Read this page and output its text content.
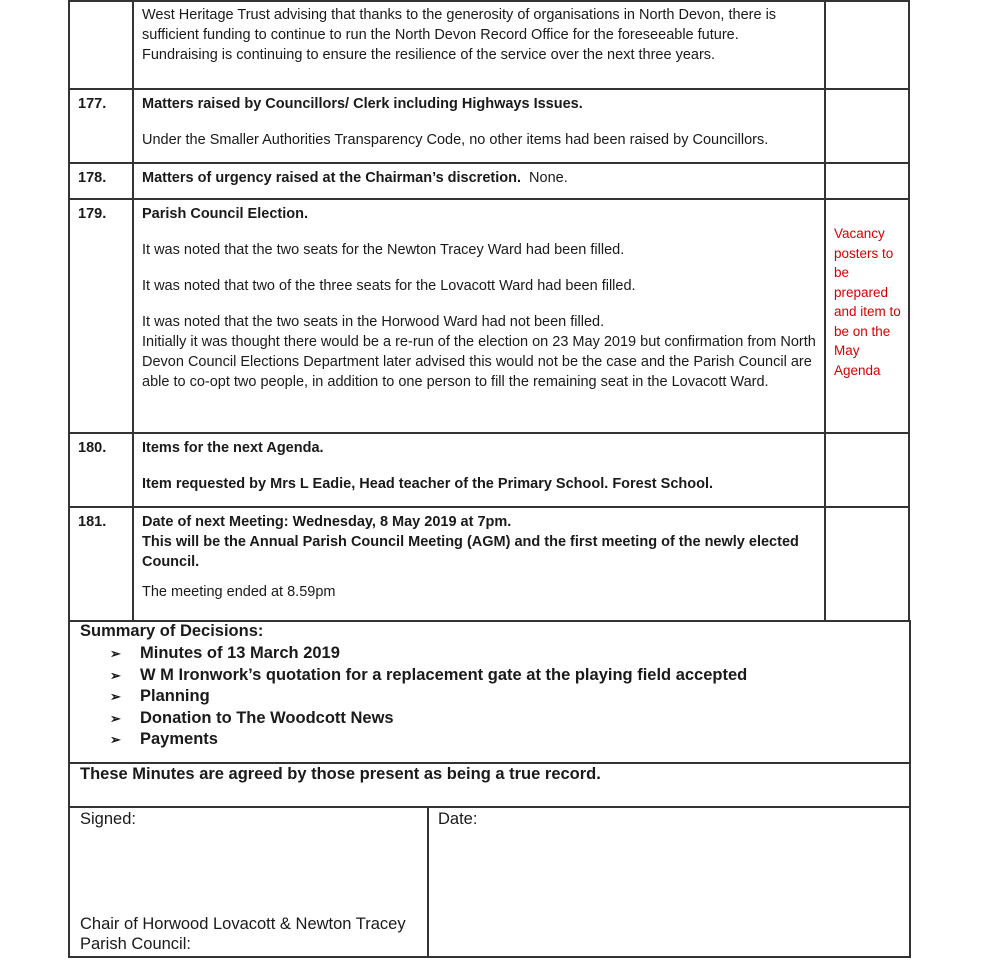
	West Heritage Trust advising that thanks to the generosity of organisations in North Devon, there is

sufficient funding to continue to run the North Devon Record Office for the foreseeable future.

Fundraising is continuing to ensure the resilience of the service over the next three years.	

177.	Matters raised by Councillors/ Clerk including Highways Issues.

Under the Smaller Authorities Transparency Code, no other items had been raised by Councillors.	

178.	Matters of urgency raised at the Chairman’s discretion. None.	
179.	Parish Council Election.

It was noted that the two seats for the Newton Tracey Ward had been filled.

It was noted that two of the three seats for the Lovacott Ward had been filled.

It was noted that the two seats in the Horwood Ward had not been filled.

Initially it was thought there would be a re-run of the election on 23 May 2019 but confirmation from North Devon Council Elections Department later advised this would not be the case and the Parish Council are able to co-opt two people, in addition to one person to fill the remaining seat in the Lovacott Ward.	Vacancy posters to be prepared and item to be on the May Agenda
180.	Items for the next Agenda.

Item requested by Mrs L Eadie, Head teacher of the Primary School. Forest School.	

181.	Date of next Meeting: Wednesday, 8 May 2019 at 7pm.

This will be the Annual Parish Council Meeting (AGM) and the first meeting of the newly elected Council.

The meeting ended at 8.59pm	

Summary of Decisions:
➢ Minutes of 13 March 2019
➢ W M Ironwork’s quotation for a replacement gate at the playing field accepted
➢ Planning
➢ Donation to The Woodcott News
➢ Payments
These Minutes are agreed by those present as being a true record.
Signed:	Date:
Chair of Horwood Lovacott & Newton Tracey Parish Council:
